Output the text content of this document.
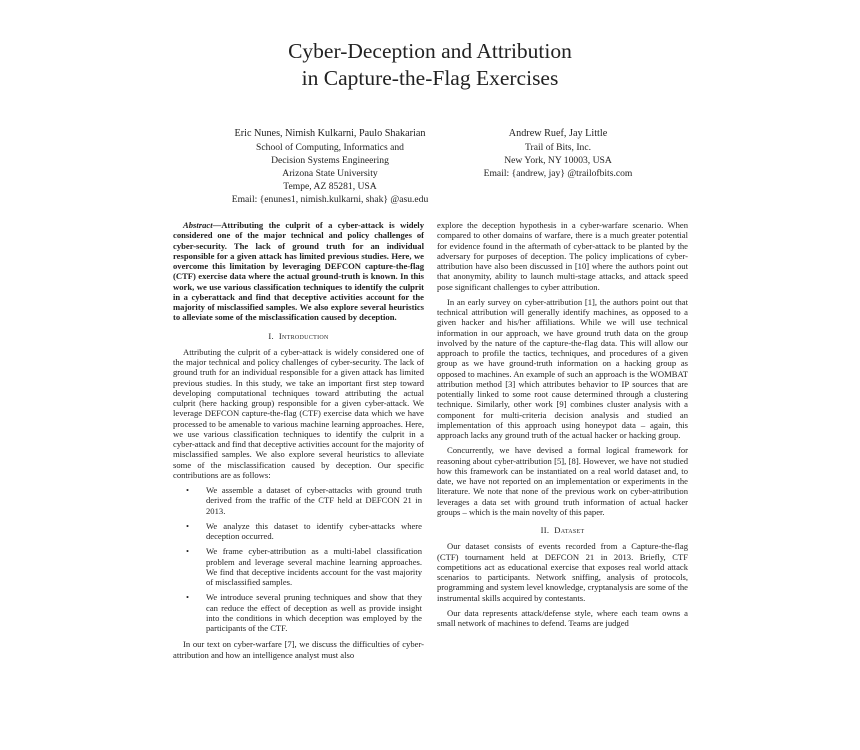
Cyber-Deception and Attribution
in Capture-the-Flag Exercises
Eric Nunes, Nimish Kulkarni, Paulo Shakarian
School of Computing, Informatics and
Decision Systems Engineering
Arizona State University
Tempe, AZ 85281, USA
Email: {enunes1, nimish.kulkarni, shak} @asu.edu
Andrew Ruef, Jay Little
Trail of Bits, Inc.
New York, NY 10003, USA
Email: {andrew, jay} @trailofbits.com

Abstract—Attributing the culprit of a cyber-attack is widely considered one of the major technical and policy challenges of cyber-security. The lack of ground truth for an individual responsible for a given attack has limited previous studies. Here, we overcome this limitation by leveraging DEFCON capture-the-flag (CTF) exercise data where the actual ground-truth is known. In this work, we use various classification techniques to identify the culprit in a cyberattack and find that deceptive activities account for the majority of misclassified samples. We also explore several heuristics to alleviate some of the misclassification caused by deception.

I. Introduction

Attributing the culprit of a cyber-attack is widely considered one of the major technical and policy challenges of cyber-security. The lack of ground truth for an individual responsible for a given attack has limited previous studies. In this study, we take an important first step toward developing computational techniques toward attributing the actual culprit (here hacking group) responsible for a given cyber-attack. We leverage DEFCON capture-the-flag (CTF) exercise data which we have processed to be amenable to various machine learning approaches. Here, we use various classification techniques to identify the culprit in a cyber-attack and find that deceptive activities account for the majority of misclassified samples. We also explore several heuristics to alleviate some of the misclassification caused by deception. Our specific contributions are as follows:

• We assemble a dataset of cyber-attacks with ground truth derived from the traffic of the CTF held at DEFCON 21 in 2013.
• We analyze this dataset to identify cyber-attacks where deception occurred.
• We frame cyber-attribution as a multi-label classification problem and leverage several machine learning approaches. We find that deceptive incidents account for the vast majority of misclassified samples.
• We introduce several pruning techniques and show that they can reduce the effect of deception as well as provide insight into the conditions in which deception was employed by the participants of the CTF.

In our text on cyber-warfare [7], we discuss the difficulties of cyber-attribution and how an intelligence analyst must also

explore the deception hypothesis in a cyber-warfare scenario. When compared to other domains of warfare, there is a much greater potential for evidence found in the aftermath of cyber-attack to be planted by the adversary for purposes of deception. The policy implications of cyber-attribution have also been discussed in [10] where the authors point out that anonymity, ability to launch multi-stage attacks, and attack speed pose significant challenges to cyber attribution.

In an early survey on cyber-attribution [1], the authors point out that technical attribution will generally identify machines, as opposed to a given hacker and his/her affiliations. While we will use technical information in our approach, we have ground truth data on the group involved by the nature of the capture-the-flag data. This will allow our approach to profile the tactics, techniques, and procedures of a given group as we have ground-truth information on a hacking group as opposed to machines. An example of such an approach is the WOMBAT attribution method [3] which attributes behavior to IP sources that are potentially linked to some root cause determined through a clustering technique. Similarly, other work [9] combines cluster analysis with a component for multi-criteria decision analysis and studied an implementation of this approach using honeypot data – again, this approach lacks any ground truth of the actual hacker or hacking group.

Concurrently, we have devised a formal logical framework for reasoning about cyber-attribution [5], [8]. However, we have not studied how this framework can be instantiated on a real world dataset and, to date, we have not reported on an implementation or experiments in the literature. We note that none of the previous work on cyber-attribution leverages a data set with ground truth information of actual hacker groups – which is the main novelty of this paper.

II. Dataset

Our dataset consists of events recorded from a Capture-the-flag (CTF) tournament held at DEFCON 21 in 2013. Briefly, CTF competitions act as educational exercise that exposes real world attack scenarios to participants. Network sniffing, analysis of protocols, programming and system level knowledge, cryptanalysis are some of the instrumental skills acquired by contestants.

Our data represents attack/defense style, where each team owns a small network of machines to defend. Teams are judged
